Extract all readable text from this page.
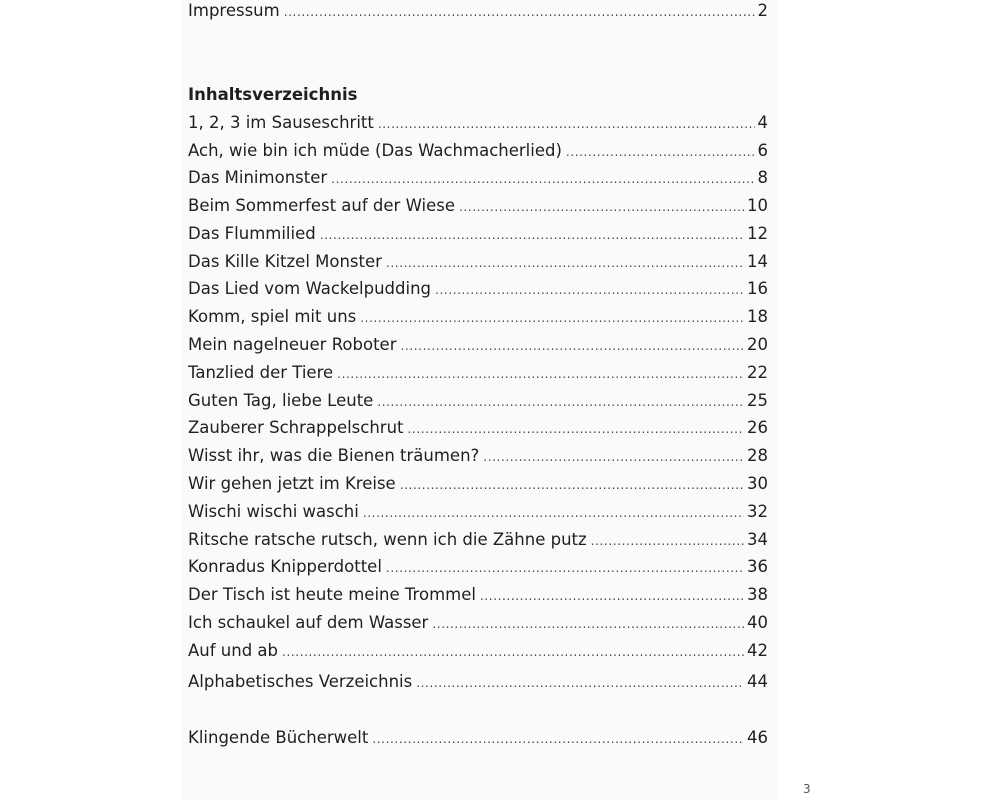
Impressum .....	2
Inhaltsverzeichnis
1, 2, 3 im Sauseschritt .....	4
Ach, wie bin ich müde (Das Wachmacherlied) .....	6
Das Minimonster .....	8
Beim Sommerfest auf der Wiese .....	10
Das Flummilied .....	12
Das Kille Kitzel Monster .....	14
Das Lied vom Wackelpudding .....	16
Komm, spiel mit uns .....	18
Mein nagelneuer Roboter .....	20
Tanzlied der Tiere .....	22
Guten Tag, liebe Leute .....	25
Zauberer Schrappelschrut .....	26
Wisst ihr, was die Bienen träumen? .....	28
Wir gehen jetzt im Kreise .....	30
Wischi wischi waschi .....	32
Ritsche ratsche rutsch, wenn ich die Zähne putz .....	34
Konradus Knipperdottel .....	36
Der Tisch ist heute meine Trommel .....	38
Ich schaukel auf dem Wasser .....	40
Auf und ab .....	42
Alphabetisches Verzeichnis .....	44
Klingende Bücherwelt .....	46
3
